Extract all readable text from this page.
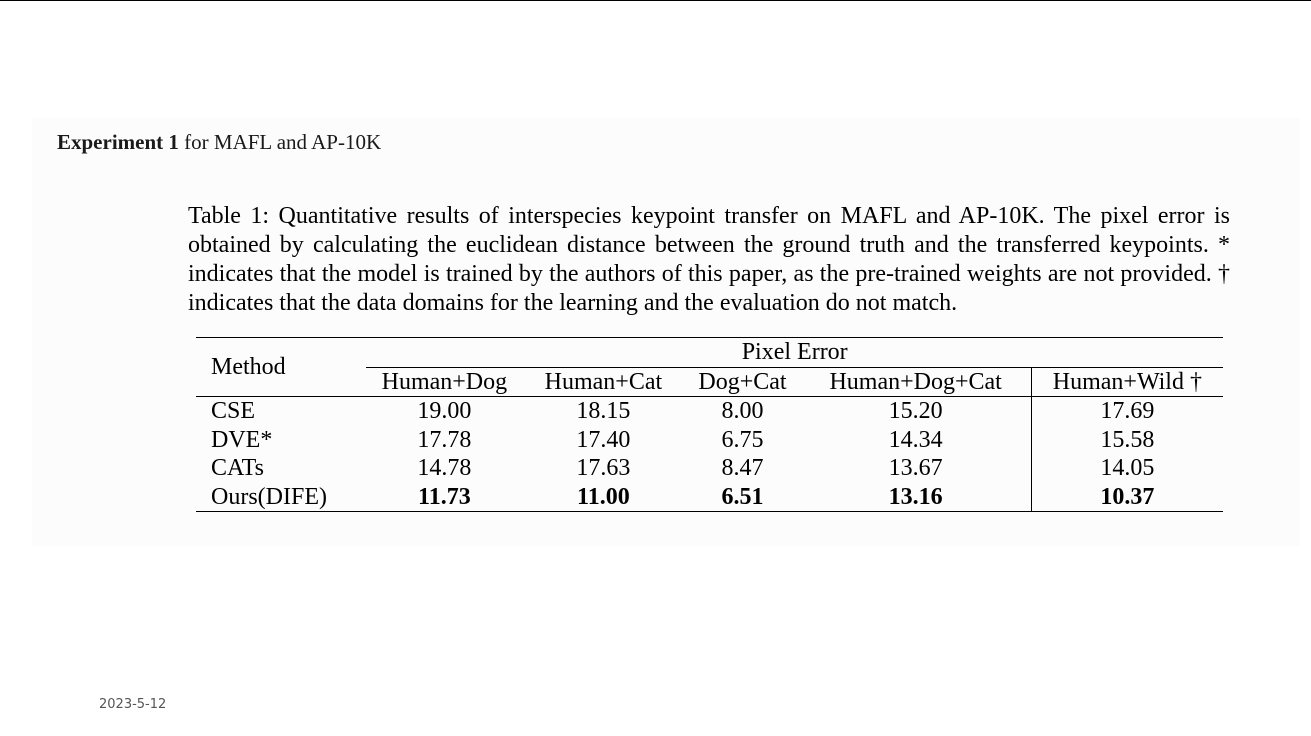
Experiment 1 for MAFL and AP-10K
Table 1: Quantitative results of interspecies keypoint transfer on MAFL and AP-10K. The pixel error is obtained by calculating the euclidean distance between the ground truth and the transferred keypoints. * indicates that the model is trained by the authors of this paper, as the pre-trained weights are not provided. † indicates that the data domains for the learning and the evaluation do not match.
Method	Pixel Error				
	Human+Dog	Human+Cat	Dog+Cat	Human+Dog+Cat	Human+Wild †
CSE	19.00	18.15	8.00	15.20	17.69
DVE*	17.78	17.40	6.75	14.34	15.58
CATs	14.78	17.63	8.47	13.67	14.05
Ours(DIFE)	11.73	11.00	6.51	13.16	10.37
2023-5-12
